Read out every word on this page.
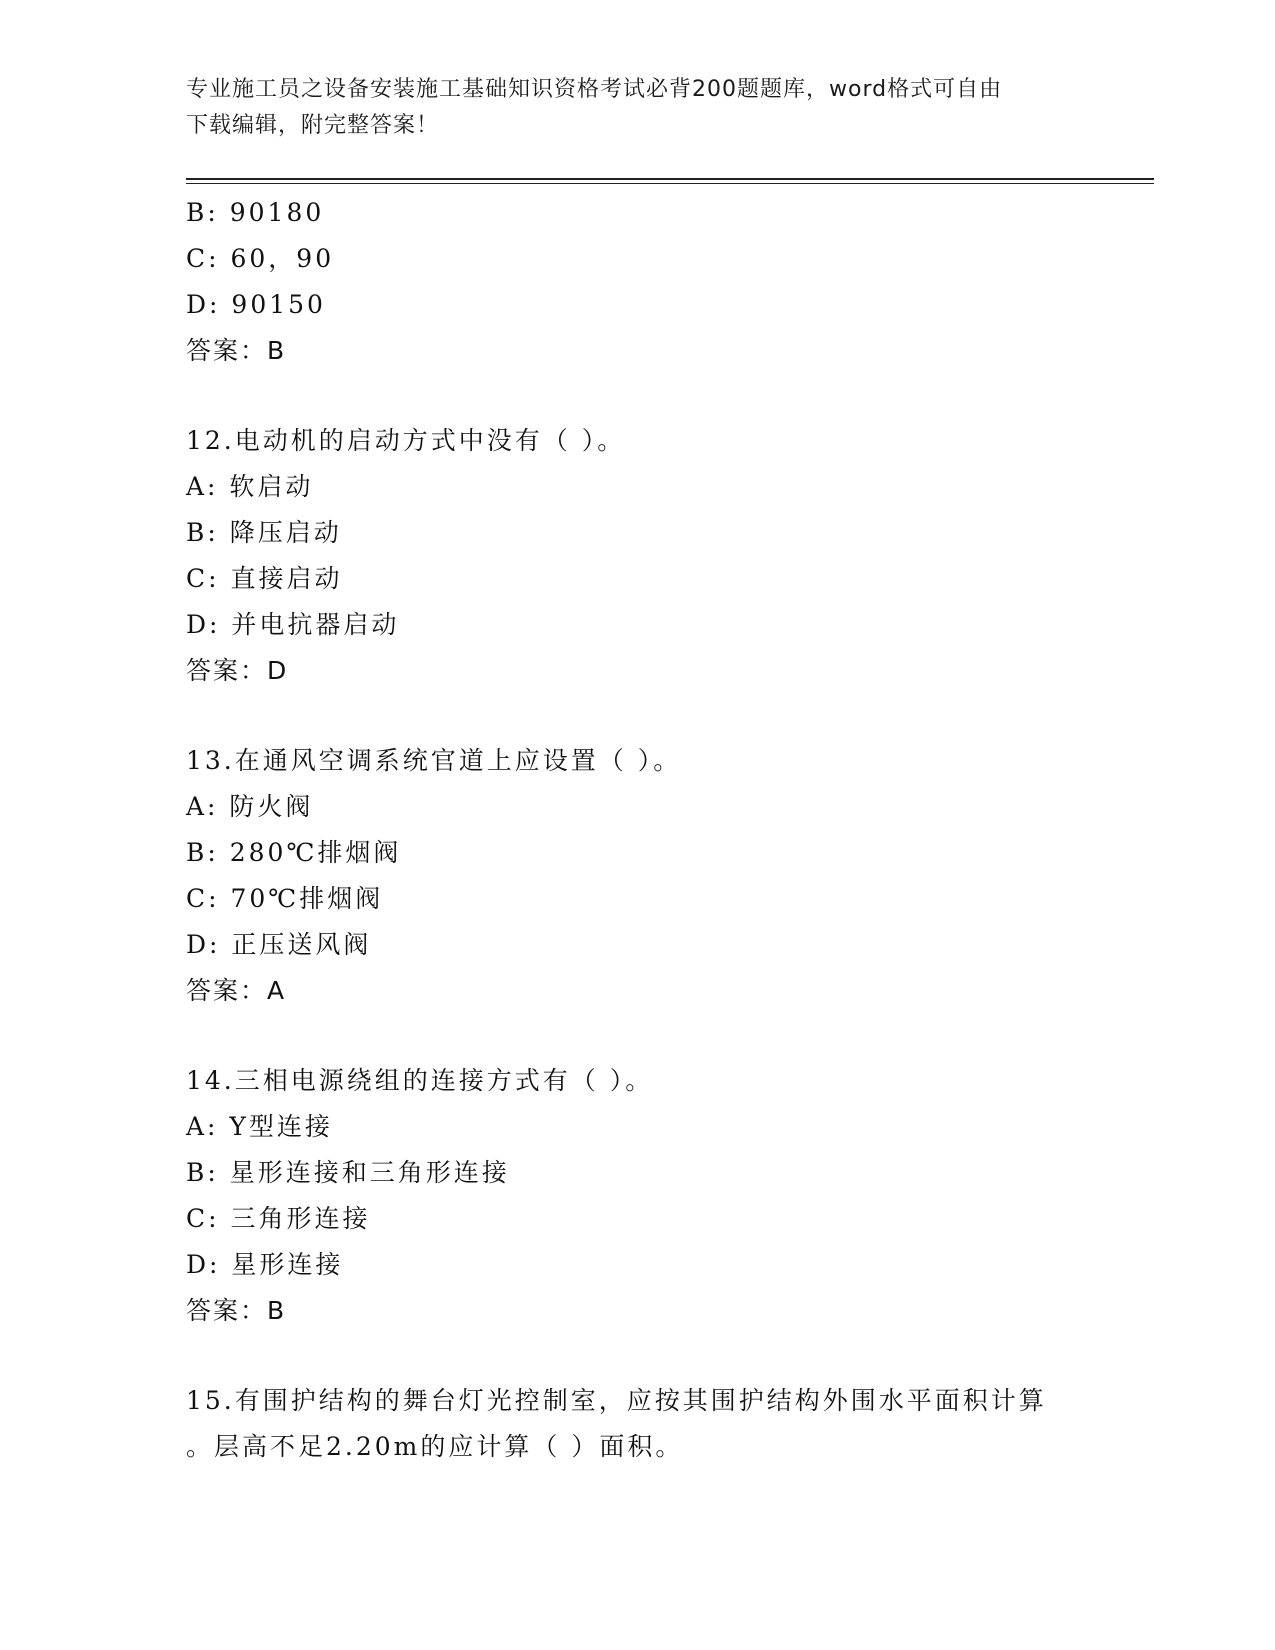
专业施工员之设备安装施工基础知识资格考试必背200题题库，word格式可自由
下载编辑，附完整答案！
B: 90180
C: 60，90
D: 90150
答案：B
12.电动机的启动方式中没有（ ）。
A: 软启动
B: 降压启动
C: 直接启动
D: 并电抗器启动
答案：D
13.在通风空调系统官道上应设置（ ）。
A: 防火阀
B: 280℃排烟阀
C: 70℃排烟阀
D: 正压送风阀
答案：A
14.三相电源绕组的连接方式有（ ）。
A: Y型连接
B: 星形连接和三角形连接
C: 三角形连接
D: 星形连接
答案：B
15.有围护结构的舞台灯光控制室，应按其围护结构外围水平面积计算
。层高不足2.20m的应计算（ ）面积。
